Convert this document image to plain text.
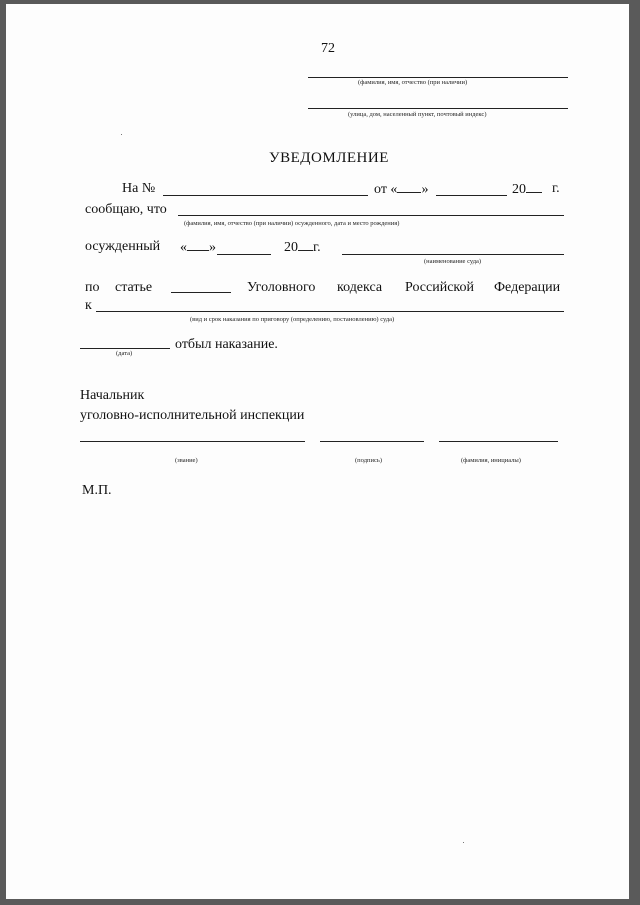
72
(фамилия, имя, отчество (при наличии)
(улица, дом, населенный пункт, почтовый индекс)
УВЕДОМЛЕНИЕ
На №	от « »	20	г.
сообщаю, что
(фамилия, имя, отчество (при наличии) осужденного, дата и место рождения)
осужденный « »	20 г.
(наименование суда)
по статье	Уголовного кодекса Российской Федерации
к
(вид и срок наказания по приговору (определению, постановлению) суда)
(дата)
отбыл наказание.
Начальник
уголовно-исполнительной инспекции
(звание)	(подпись)	(фамилия, инициалы)
М.П.
